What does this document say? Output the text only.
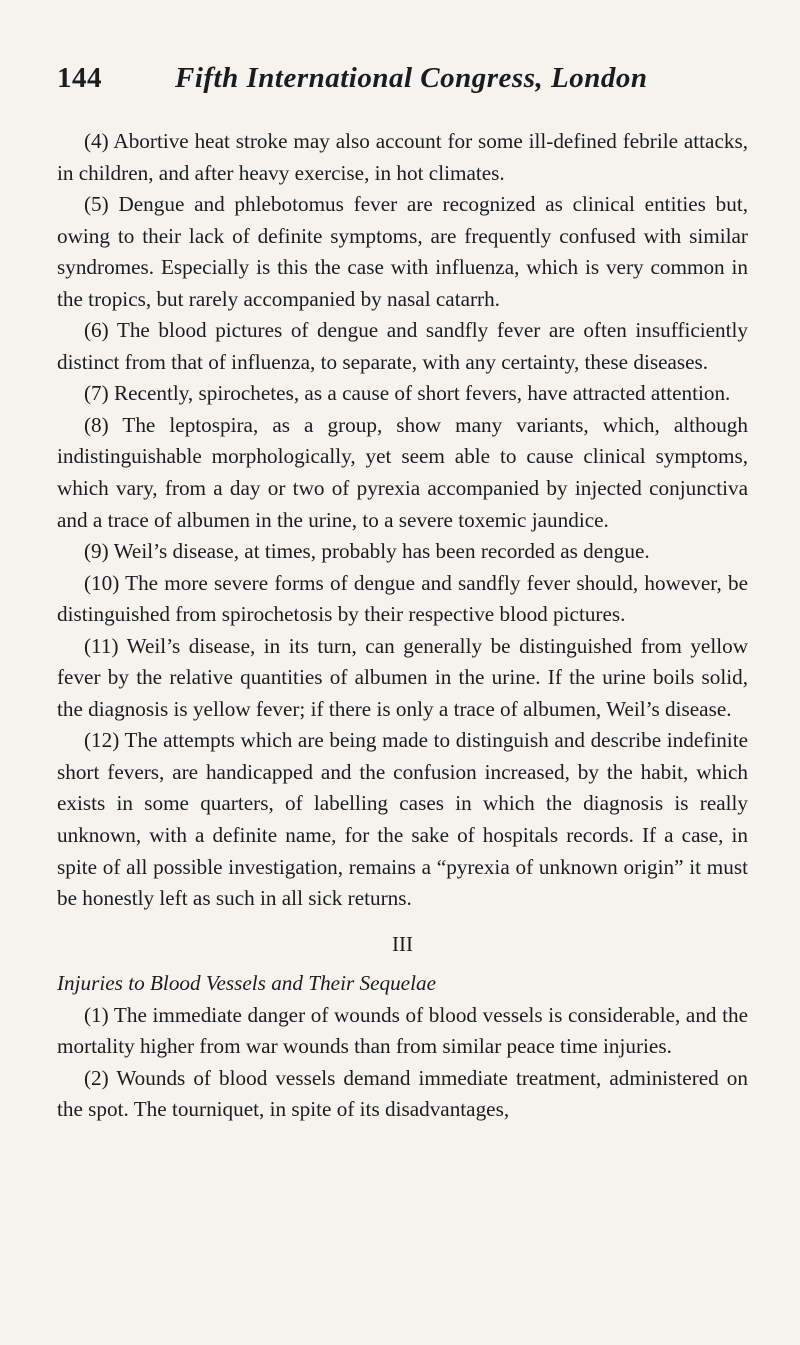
144	Fifth International Congress, London

(4) Abortive heat stroke may also account for some ill-defined febrile attacks, in children, and after heavy exercise, in hot climates.

(5) Dengue and phlebotomus fever are recognized as clinical entities but, owing to their lack of definite symptoms, are frequently confused with similar syndromes. Especially is this the case with influenza, which is very common in the tropics, but rarely accompanied by nasal catarrh.

(6) The blood pictures of dengue and sandfly fever are often insufficiently distinct from that of influenza, to separate, with any certainty, these diseases.

(7) Recently, spirochetes, as a cause of short fevers, have attracted attention.

(8) The leptospira, as a group, show many variants, which, although indistinguishable morphologically, yet seem able to cause clinical symptoms, which vary, from a day or two of pyrexia accompanied by injected conjunctiva and a trace of albumen in the urine, to a severe toxemic jaundice.

(9) Weil’s disease, at times, probably has been recorded as dengue.

(10) The more severe forms of dengue and sandfly fever should, however, be distinguished from spirochetosis by their respective blood pictures.

(11) Weil’s disease, in its turn, can generally be distinguished from yellow fever by the relative quantities of albumen in the urine. If the urine boils solid, the diagnosis is yellow fever; if there is only a trace of albumen, Weil’s disease.

(12) The attempts which are being made to distinguish and describe indefinite short fevers, are handicapped and the confusion increased, by the habit, which exists in some quarters, of labelling cases in which the diagnosis is really unknown, with a definite name, for the sake of hospitals records. If a case, in spite of all possible investigation, remains a “pyrexia of unknown origin” it must be honestly left as such in all sick returns.

III
Injuries to Blood Vessels and Their Sequelae

(1) The immediate danger of wounds of blood vessels is considerable, and the mortality higher from war wounds than from similar peace time injuries.

(2) Wounds of blood vessels demand immediate treatment, administered on the spot. The tourniquet, in spite of its disadvantages,
